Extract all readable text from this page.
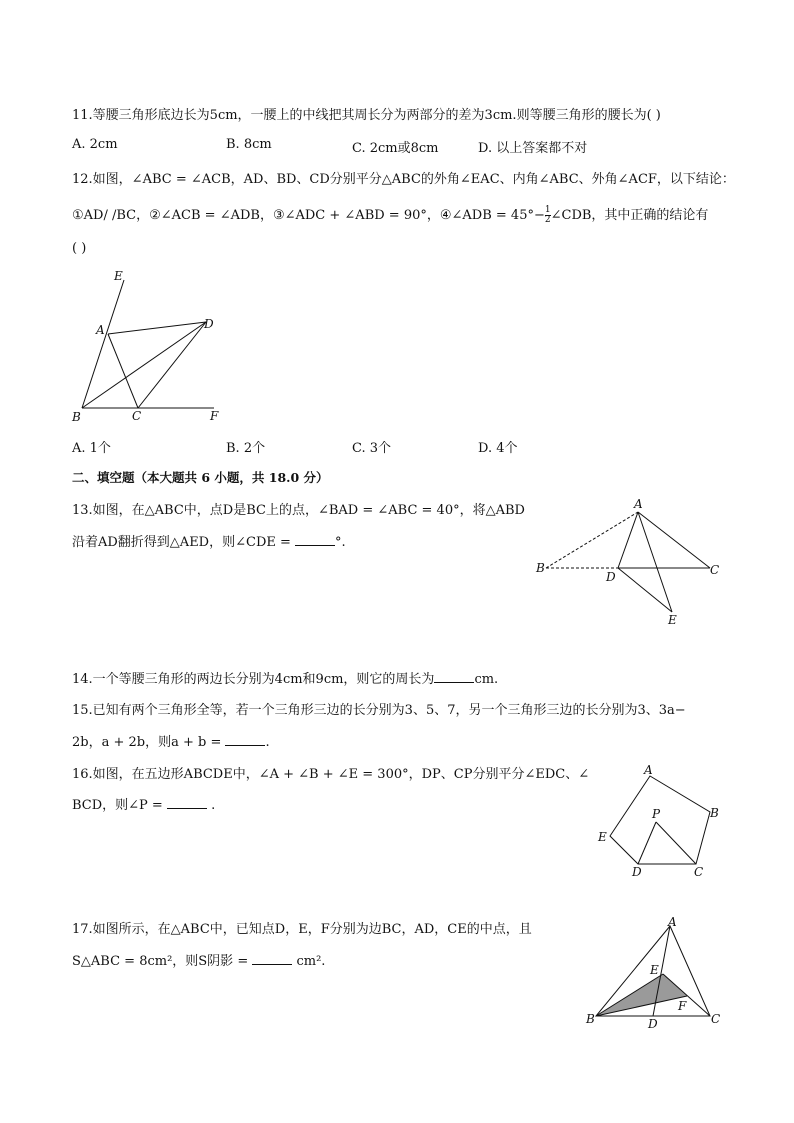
11.等腰三角形底边长为5cm，一腰上的中线把其周长分为两部分的差为3cm.则等腰三角形的腰长为( )
A. 2cm	B. 8cm	C. 2cm或8cm	D. 以上答案都不对
12.如图，∠ABC = ∠ACB，AD、BD、CD分别平分△ABC的外角∠EAC、内角∠ABC、外角∠ACF，以下结论：
①AD/ /BC，②∠ACB = ∠ADB，③∠ADC + ∠ABD = 90°，④∠ADB = $45^\circ- \frac{1}{2}$ ∠CDB，其中正确的结论有
( )
E
A	D
B	C	F
A. 1个	B. 2个	C. 3个	D. 4个
二、填空题（本大题共 6 小题，共 18.0 分）
13.如图，在△ABC中，点D是BC上的点，∠BAD = ∠ABC = 40°，将△ABD
沿着AD翻折得到△AED，则∠CDE =	°.
A
B
D	C
E
14.一个等腰三角形的两边长分别为4cm和9cm，则它的周长为	cm.
15.已知有两个三角形全等，若一个三角形三边的长分别为3、5、7，另一个三角形三边的长分别为3、3a−
2b，a + 2b，则a + b =	.
16.如图，在五边形ABCDE中，∠A + ∠B + ∠E = 300°，DP、CP分别平分∠EDC、∠
BCD，则∠P =	.
A
B
E
P
D	C
17.如图所示，在△ABC中，已知点D，E，F分别为边BC，AD，CE的中点，且
S△ABC = 8cm²，则S阴影 =	cm².
A
E
F
B	D	C
